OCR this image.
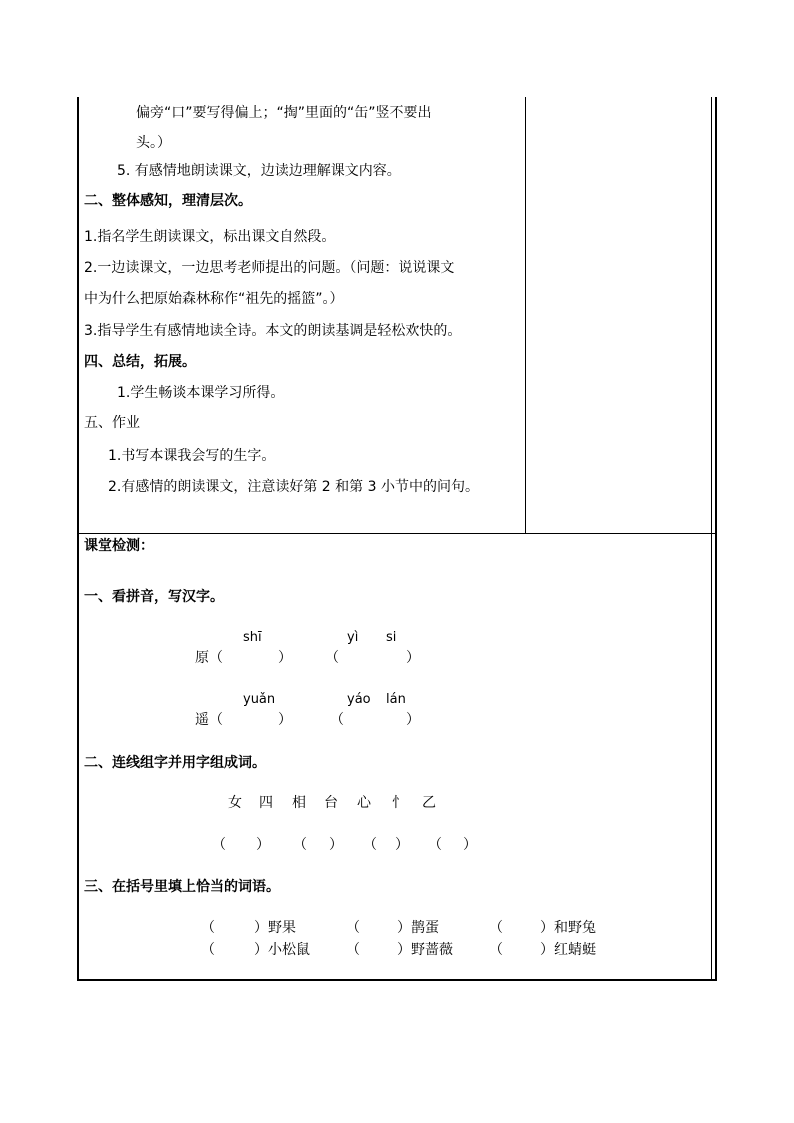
偏旁“口”要写得偏上；“掏”里面的“缶”竖不要出
头。）
5. 有感情地朗读课文，边读边理解课文内容。
二、整体感知，理清层次。
1.指名学生朗读课文，标出课文自然段。
2.一边读课文，一边思考老师提出的问题。（问题：说说课文
中为什么把原始森林称作“祖先的摇篮”。）
3.指导学生有感情地读全诗。本文的朗读基调是轻松欢快的。
四、总结，拓展。
1.学生畅谈本课学习所得。
五、作业
1.书写本课我会写的生字。
2.有感情的朗读课文，注意读好第 2 和第 3 小节中的问句。
课堂检测：
一、看拼音，写汉字。
shī	yì si
原（	） （	）
yuǎn	yáo lán
遥（	）	（	）
二、连线组字并用字组成词。
女 四 相 台 心 忄 乙
（ ） （ ） （ ） （ ）
三、在括号里填上恰当的词语。
（	）野果	（	）鹊蛋	（	）和野兔
（	）小松鼠	（	）野蔷薇	（	）红蜻蜓
